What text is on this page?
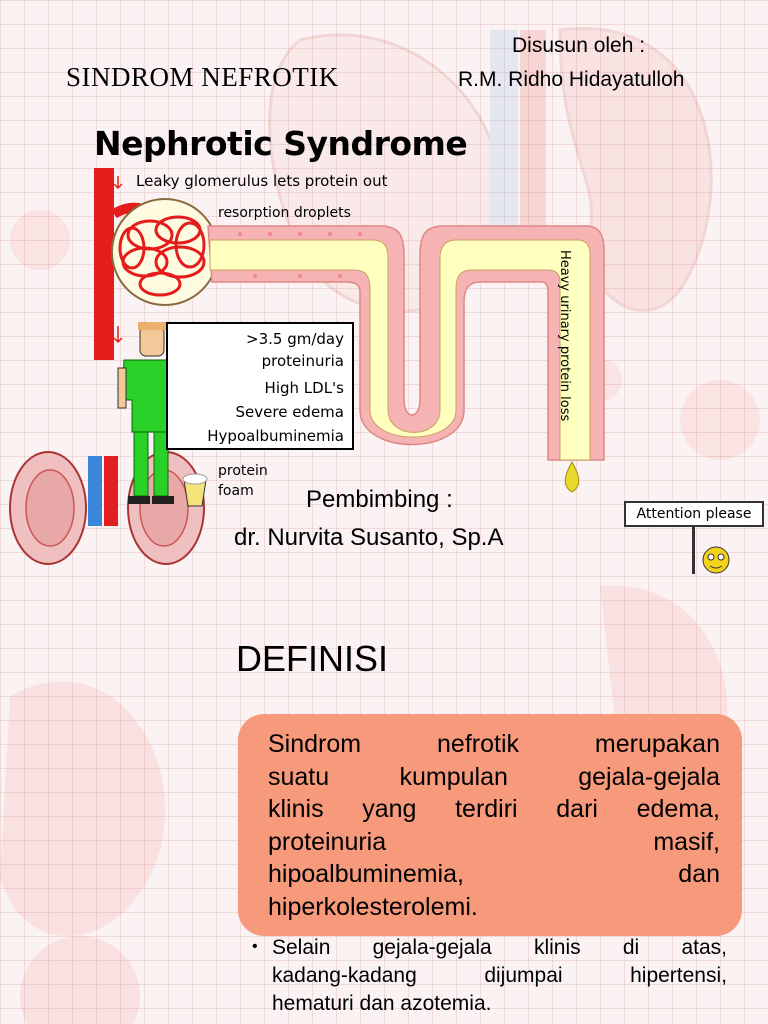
SINDROM NEFROTIK
Disusun oleh :
R.M. Ridho Hidayatulloh
Nephrotic Syndrome
Leaky glomerulus lets protein out
resorption droplets
Heavy urinary protein loss
>3.5 gm/day
proteinuria
High LDL's
Severe edema
Hypoalbuminemia
protein
foam Pembimbing :
dr. Nurvita Susanto, Sp.A
Attention please
DEFINISI
Sindrom nefrotik merupakan
suatu kumpulan gejala-gejala
klinis yang terdiri dari edema,
proteinuria masif,
hipoalbuminemia, dan
hiperkolesterolemi.
• Selain gejala-gejala klinis di atas,
kadang-kadang dijumpai hipertensi,
hematuri dan azotemia.
